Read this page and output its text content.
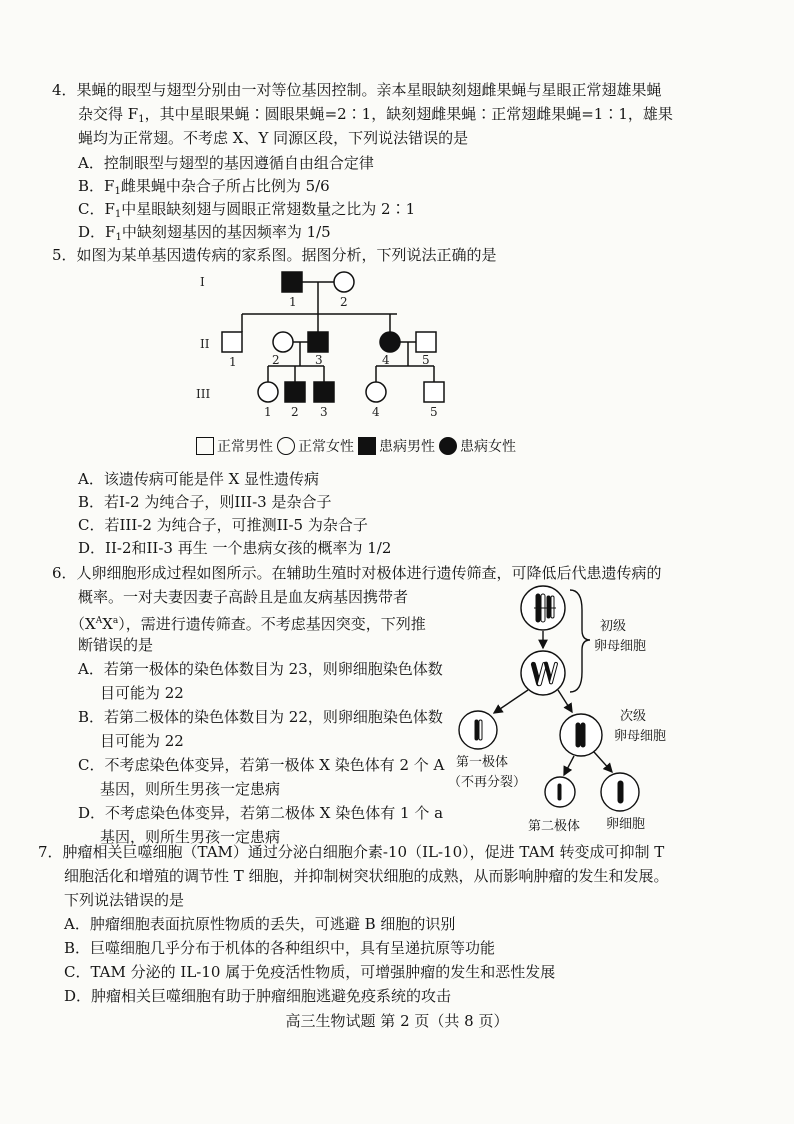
4．果蝇的眼型与翅型分别由一对等位基因控制。亲本星眼缺刻翅雌果蝇与星眼正常翅雄果蝇
杂交得 $F_1$，其中星眼果蝇∶圆眼果蝇=2∶1，缺刻翅雌果蝇∶正常翅雌果蝇=1∶1，雄果
蝇均为正常翅。不考虑 X、Y 同源区段，下列说法错误的是
A．控制眼型与翅型的基因遵循自由组合定律
B．$F_1$雌果蝇中杂合子所占比例为 5/6
C．$F_1$中星眼缺刻翅与圆眼正常翅数量之比为 2∶1
D．$F_1$中缺刻翅基因的基因频率为 1/5
5．如图为某单基因遗传病的家系图。据图分析，下列说法正确的是
I
II
III
1	2
1	2	3	4	5
1 2 3	4	5
正常男性 正常女性 患病男性 患病女性
A．该遗传病可能是伴 X 显性遗传病
B．若I-2 为纯合子，则III-3 是杂合子
C．若III-2 为纯合子，可推测II-5 为杂合子
D．II-2和II-3 再生 一个患病女孩的概率为 1/2
6．人卵细胞形成过程如图所示。在辅助生殖时对极体进行遗传筛查，可降低后代患遗传病的
概率。一对夫妻因妻子高龄且是血友病基因携带者
$(X^AX^a)$，需进行遗传筛查。不考虑基因突变，下列推
断错误的是
A．若第一极体的染色体数目为 23，则卵细胞染色体数
目可能为 22
B．若第二极体的染色体数目为 22，则卵细胞染色体数
目可能为 22
C．不考虑染色体变异，若第一极体 X 染色体有 2 个 A
基因，则所生男孩一定患病
D．不考虑染色体变异，若第二极体 X 染色体有 1 个 a
基因，则所生男孩一定患病
初级
卵母细胞
次级
卵母细胞
第一极体
（不再分裂）
第二极体 卵细胞
7．肿瘤相关巨噬细胞（TAM）通过分泌白细胞介素-10（IL-10），促进 TAM 转变成可抑制 T
细胞活化和增殖的调节性 T 细胞，并抑制树突状细胞的成熟，从而影响肿瘤的发生和发展。
下列说法错误的是
A．肿瘤细胞表面抗原性物质的丢失，可逃避 B 细胞的识别
B．巨噬细胞几乎分布于机体的各种组织中，具有呈递抗原等功能
C．TAM 分泌的 IL-10 属于免疫活性物质，可增强肿瘤的发生和恶性发展
D．肿瘤相关巨噬细胞有助于肿瘤细胞逃避免疫系统的攻击
高三生物试题 第 2 页（共 8 页）
